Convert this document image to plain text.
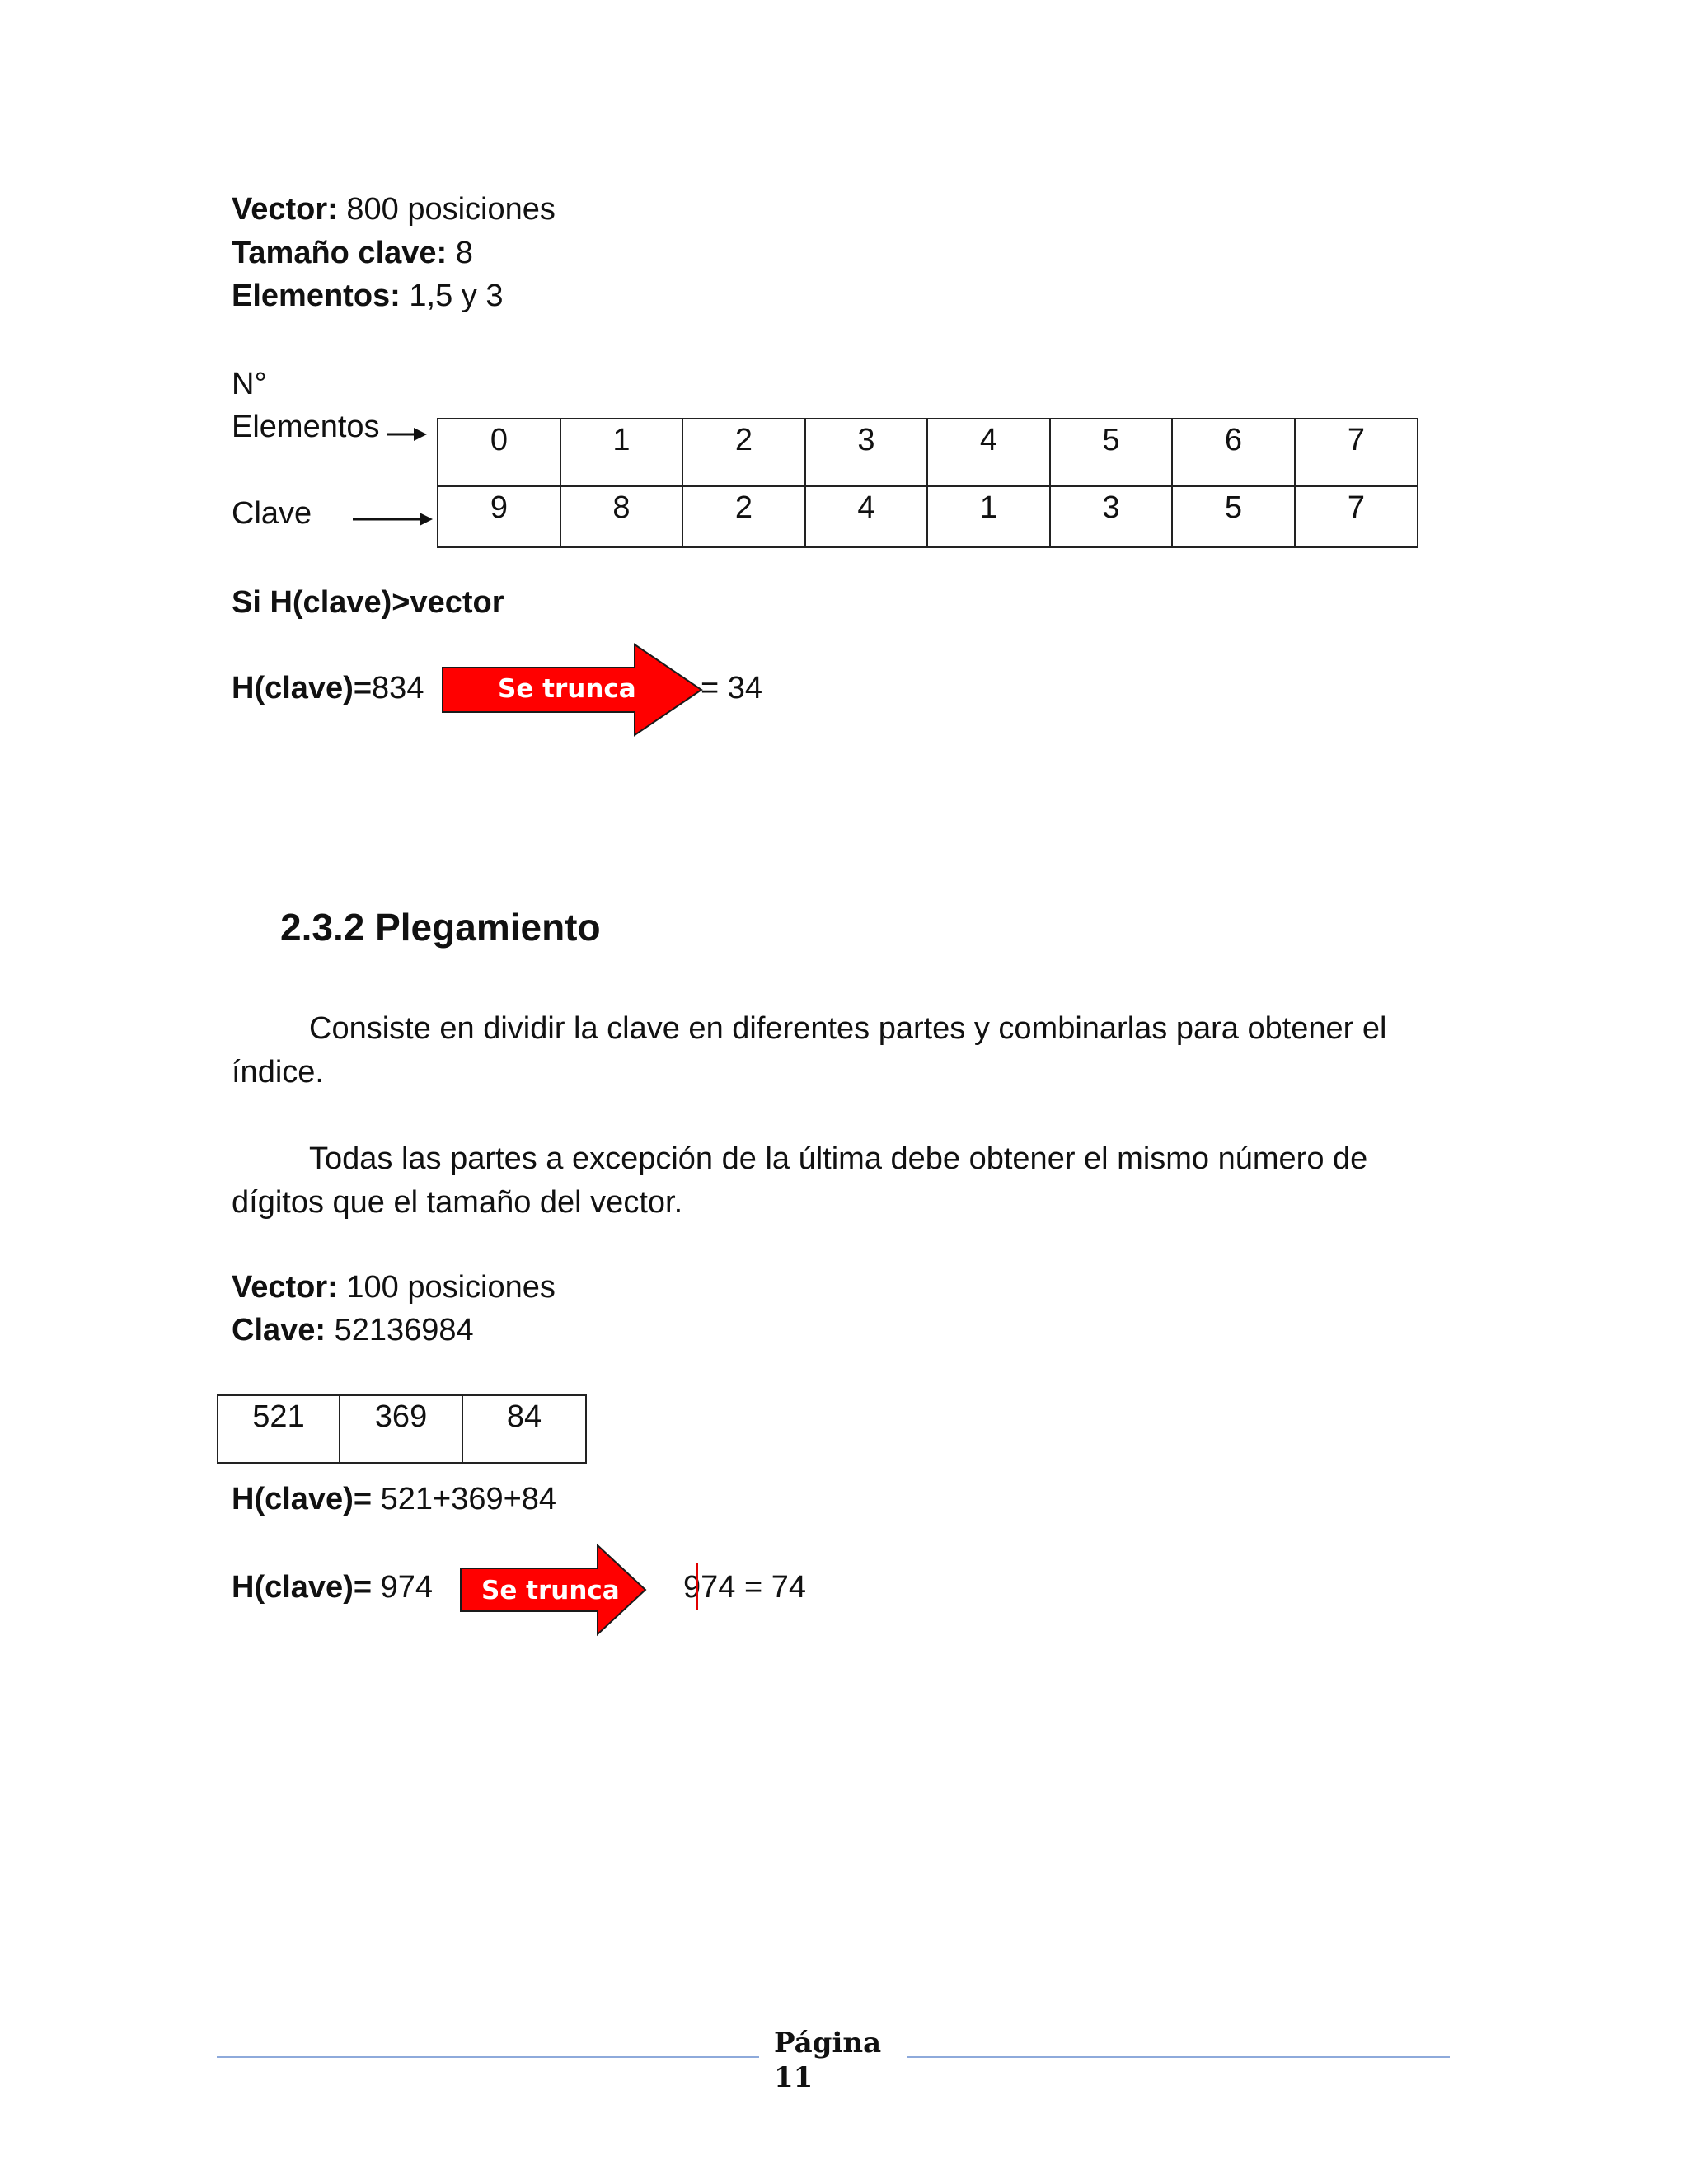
Vector: 800 posiciones
Tamaño clave: 8
Elementos: 1,5 y 3
N°
Elementos
Clave
0	1	2	3	4	5	6	7
9	8	2	4	1	3	5	7
Si H(clave)>vector
H(clave)=834	Se trunca = 34
2.3.2 Plegamiento
Consiste en dividir la clave en diferentes partes y combinarlas para obtener el índice.
Todas las partes a excepción de la última debe obtener el mismo número de dígitos que el tamaño del vector.
Vector: 100 posiciones
Clave: 52136984
521	369	84
H(clave)= 521+369+84
H(clave)= 974 Se trunca 974 = 74
Página
11
